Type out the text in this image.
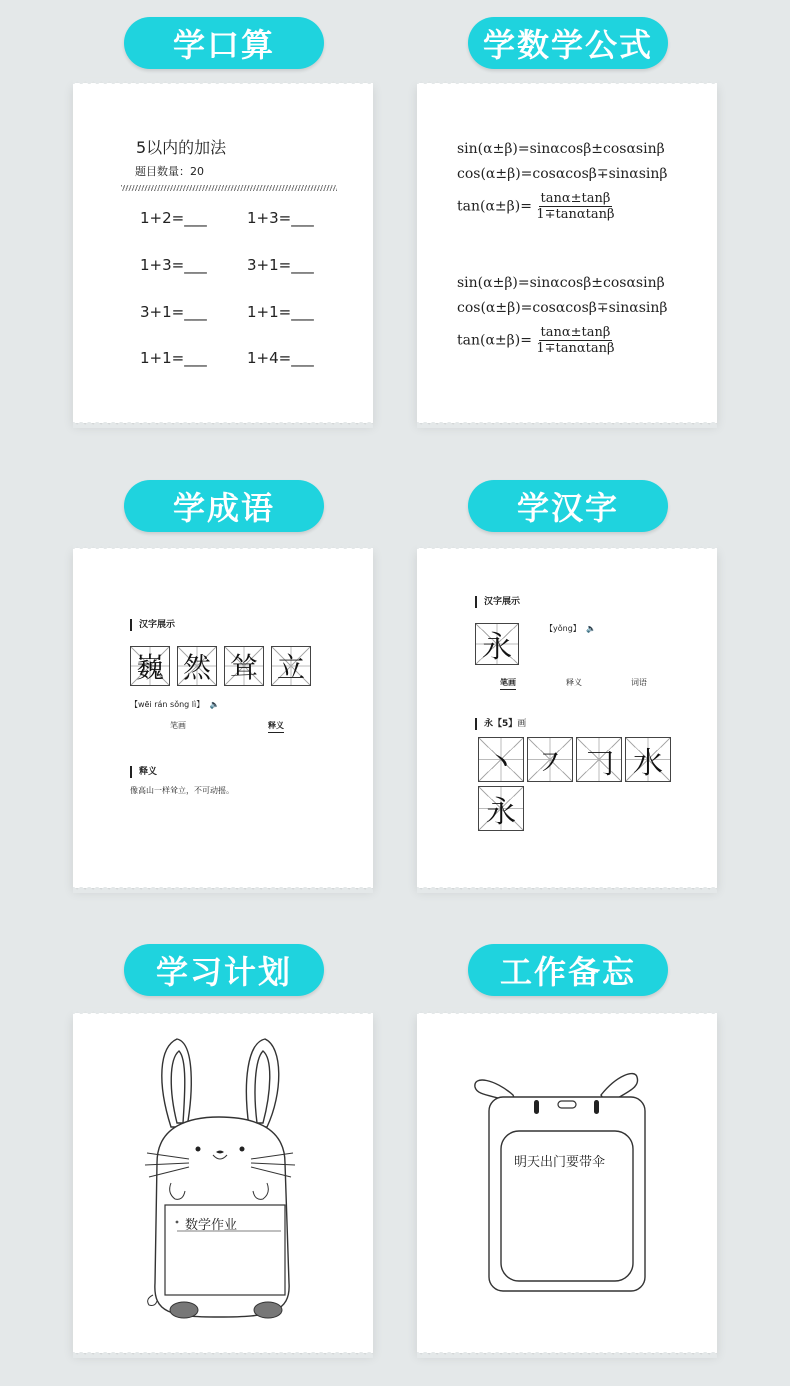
学口算	学数学公式
学成语	学汉字
学习计划	工作备忘
5以内的加法
题目数量：20
1+2=___	1+3=___
1+3=___	3+1=___
3+1=___	1+1=___
1+1=___	1+4=___
sin(α±β)=sinαcosβ±cosαsinβ
cos(α±β)=cosαcosβ∓sinαsinβ
$\tan(\alpha\pm\beta)= \frac{\tan\alpha\pm\tan\beta}{1\mp\tan\alpha\tan\beta}$
sin(α±β)=sinαcosβ±cosαsinβ
cos(α±β)=cosαcosβ∓sinαsinβ
$\tan(\alpha\pm\beta)= \frac{\tan\alpha\pm\tan\beta}{1\mp\tan\alpha\tan\beta}$
汉字展示
巍 然 耸 立
【wēi rán sǒng lì】 🔈
笔画	释义
释义
像高山一样耸立，不可动摇。
汉字展示
永
【yǒng】 🔈
笔画	释义	词语
永【5】画
丶 ㇇ 𠃌 水
永
数学作业
明天出门要带伞
